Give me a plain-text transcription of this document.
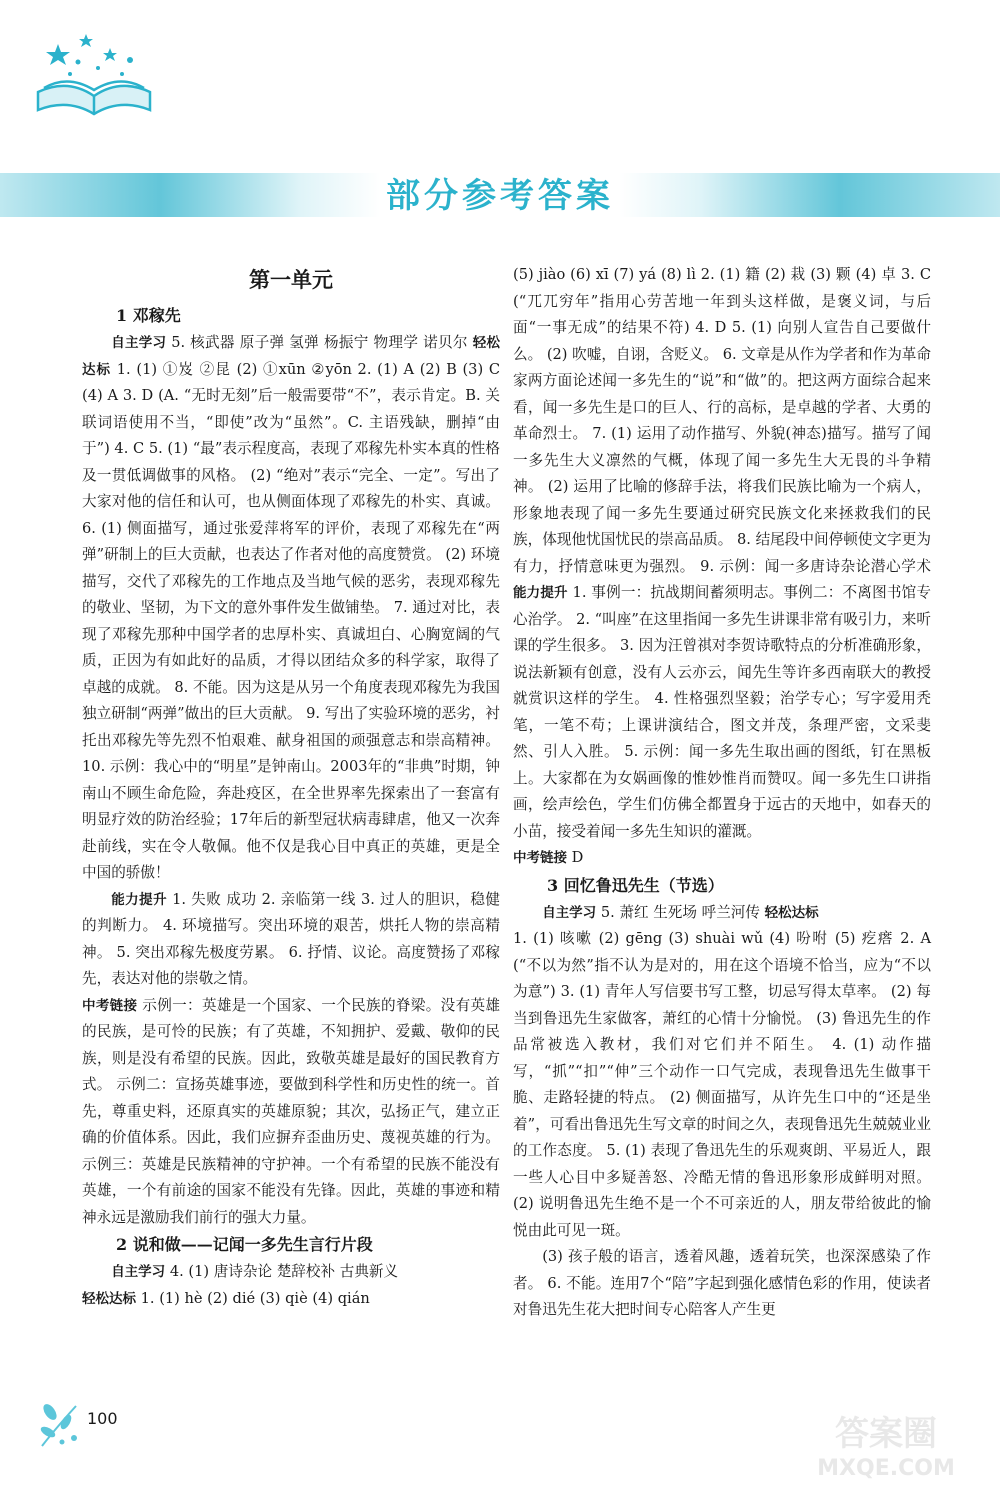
部分参考答案
第一单元
1 邓稼先

自主学习 5. 核武器 原子弹 氢弹 杨振宁 物理学 诺贝尔 轻松达标 1. (1) ①岌 ②昆 (2) ①xūn ②yōn 2. (1) A (2) B (3) C (4) A 3. D (A. “无时无刻”后一般需要带“不”，表示肯定。B. 关联词语使用不当，“即使”改为“虽然”。C. 主语残缺，删掉“由于”) 4. C 5. (1) “最”表示程度高，表现了邓稼先朴实本真的性格及一贯低调做事的风格。 (2) “绝对”表示“完全、一定”。写出了大家对他的信任和认可，也从侧面体现了邓稼先的朴实、真诚。 6. (1) 侧面描写，通过张爱萍将军的评价，表现了邓稼先在“两弹”研制上的巨大贡献，也表达了作者对他的高度赞赏。 (2) 环境描写，交代了邓稼先的工作地点及当地气候的恶劣，表现邓稼先的敬业、坚韧，为下文的意外事件发生做铺垫。 7. 通过对比，表现了邓稼先那种中国学者的忠厚朴实、真诚坦白、心胸宽阔的气质，正因为有如此好的品质，才得以团结众多的科学家，取得了卓越的成就。 8. 不能。因为这是从另一个角度表现邓稼先为我国独立研制“两弹”做出的巨大贡献。 9. 写出了实验环境的恶劣，衬托出邓稼先等先烈不怕艰难、献身祖国的顽强意志和崇高精神。 10. 示例：我心中的“明星”是钟南山。2003年的“非典”时期，钟南山不顾生命危险，奔赴疫区，在全世界率先探索出了一套富有明显疗效的防治经验；17年后的新型冠状病毒肆虐，他又一次奔赴前线，实在令人敬佩。他不仅是我心目中真正的英雄，更是全中国的骄傲！

能力提升 1. 失败 成功 2. 亲临第一线 3. 过人的胆识，稳健的判断力。 4. 环境描写。突出环境的艰苦，烘托人物的崇高精神。 5. 突出邓稼先极度劳累。 6. 抒情、议论。高度赞扬了邓稼先，表达对他的崇敬之情。

中考链接 示例一：英雄是一个国家、一个民族的脊梁。没有英雄的民族，是可怜的民族；有了英雄，不知拥护、爱戴、敬仰的民族，则是没有希望的民族。因此，致敬英雄是最好的国民教育方式。 示例二：宣扬英雄事迹，要做到科学性和历史性的统一。首先，尊重史料，还原真实的英雄原貌；其次，弘扬正气，建立正确的价值体系。因此，我们应摒弃歪曲历史、蔑视英雄的行为。 示例三：英雄是民族精神的守护神。一个有希望的民族不能没有英雄，一个有前途的国家不能没有先锋。因此，英雄的事迹和精神永远是激励我们前行的强大力量。

2 说和做——记闻一多先生言行片段

自主学习 4. (1) 唐诗杂论 楚辞校补 古典新义

轻松达标 1. (1) hè (2) dié (3) qiè (4) qián

(5) jiào (6) xī (7) yá (8) lì 2. (1) 籍 (2) 栽 (3) 颗 (4) 卓 3. C (“兀兀穷年”指用心劳苦地一年到头这样做，是褒义词，与后面“一事无成”的结果不符) 4. D 5. (1) 向别人宣告自己要做什么。 (2) 吹嘘，自诩，含贬义。 6. 文章是从作为学者和作为革命家两方面论述闻一多先生的“说”和“做”的。把这两方面综合起来看，闻一多先生是口的巨人、行的高标，是卓越的学者、大勇的革命烈士。 7. (1) 运用了动作描写、外貌(神态)描写。描写了闻一多先生大义凛然的气概，体现了闻一多先生大无畏的斗争精神。 (2) 运用了比喻的修辞手法，将我们民族比喻为一个病人，形象地表现了闻一多先生要通过研究民族文化来拯救我们的民族，体现他忧国忧民的崇高品质。 8. 结尾段中间停顿使文字更为有力，抒情意味更为强烈。 9. 示例：闻一多唐诗杂论潜心学术 能力提升 1. 事例一：抗战期间蓄须明志。事例二：不离图书馆专心治学。 2. “叫座”在这里指闻一多先生讲课非常有吸引力，来听课的学生很多。 3. 因为汪曾祺对李贺诗歌特点的分析准确形象，说法新颖有创意，没有人云亦云，闻先生等许多西南联大的教授就赏识这样的学生。 4. 性格强烈坚毅；治学专心；写字爱用秃笔，一笔不苟；上课讲演结合，图文并茂，条理严密，文采斐然、引人入胜。 5. 示例：闻一多先生取出画的图纸，钉在黑板上。大家都在为女娲画像的惟妙惟肖而赞叹。闻一多先生口讲指画，绘声绘色，学生们仿佛全都置身于远古的天地中，如春天的小苗，接受着闻一多先生知识的灌溉。

中考链接 D

3 回忆鲁迅先生（节选）

自主学习 5. 萧红 生死场 呼兰河传 轻松达标

1. (1) 咳嗽 (2) gēng (3) shuài wǔ (4) 吩咐 (5) 疙瘩 2. A (“不以为然”指不认为是对的，用在这个语境不恰当，应为“不以为意”) 3. (1) 青年人写信要书写工整，切忌写得太草率。 (2) 每当到鲁迅先生家做客，萧红的心情十分愉悦。 (3) 鲁迅先生的作品常被选入教材，我们对它们并不陌生。 4. (1) 动作描写，“抓”“扣”“伸”三个动作一口气完成，表现鲁迅先生做事干脆、走路轻捷的特点。 (2) 侧面描写，从许先生口中的“还是坐着”，可看出鲁迅先生写文章的时间之久，表现鲁迅先生兢兢业业的工作态度。 5. (1) 表现了鲁迅先生的乐观爽朗、平易近人，跟一些人心目中多疑善怒、冷酷无情的鲁迅形象形成鲜明对照。 (2) 说明鲁迅先生绝不是一个不可亲近的人，朋友带给彼此的愉悦由此可见一斑。

(3) 孩子般的语言，透着风趣，透着玩笑，也深深感染了作者。 6. 不能。连用7个“陪”字起到强化感情色彩的作用，使读者对鲁迅先生花大把时间专心陪客人产生更

100	答案圈
MXQE.COM
